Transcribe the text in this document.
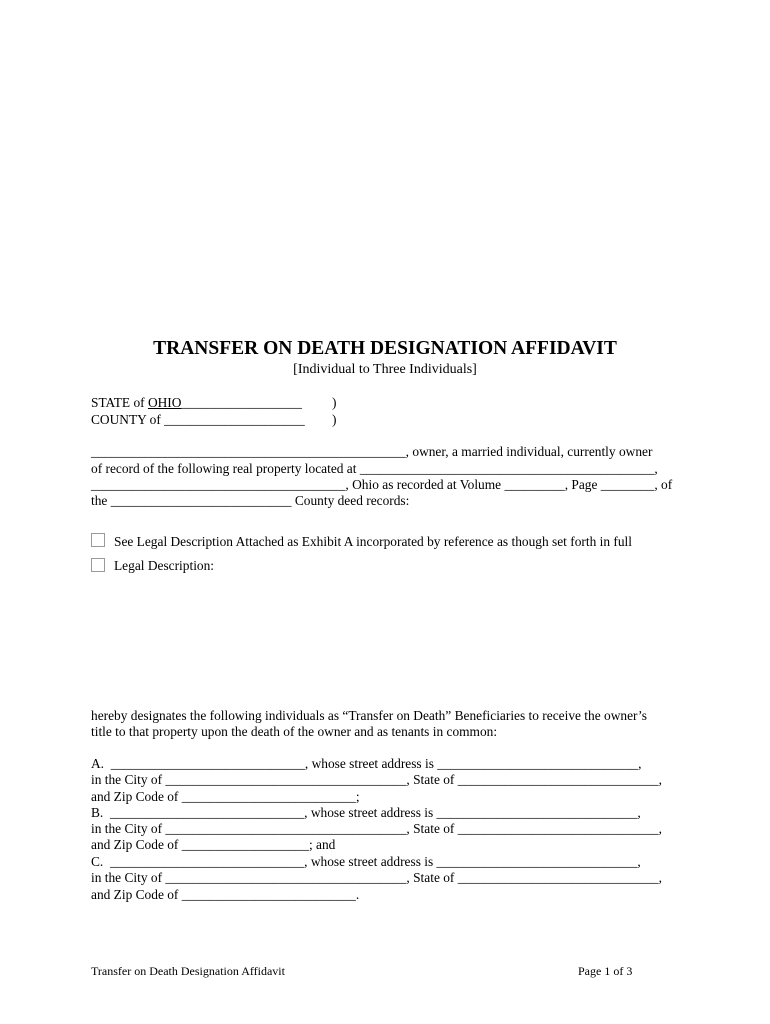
TRANSFER ON DEATH DESIGNATION AFFIDAVIT
[Individual to Three Individuals]
STATE of OHIO__________________ )
COUNTY of _____________________ )
_______________________________________________, owner, a married individual, currently owner
of record of the following real property located at ____________________________________________,
______________________________________, Ohio as recorded at Volume _________, Page ________, of
the ___________________________ County deed records:
See Legal Description Attached as Exhibit A incorporated by reference as though set forth in full
Legal Description:
hereby designates the following individuals as “Transfer on Death” Beneficiaries to receive the owner’s
title to that property upon the death of the owner and as tenants in common:
A.  _____________________________, whose street address is ______________________________,
in the City of ____________________________________, State of ______________________________,
and Zip Code of __________________________;
B.  _____________________________, whose street address is ______________________________,
in the City of ____________________________________, State of ______________________________,
and Zip Code of ___________________; and
C.  _____________________________, whose street address is ______________________________,
in the City of ____________________________________, State of ______________________________,
and Zip Code of __________________________.
Transfer on Death Designation Affidavit	Page 1 of 3
